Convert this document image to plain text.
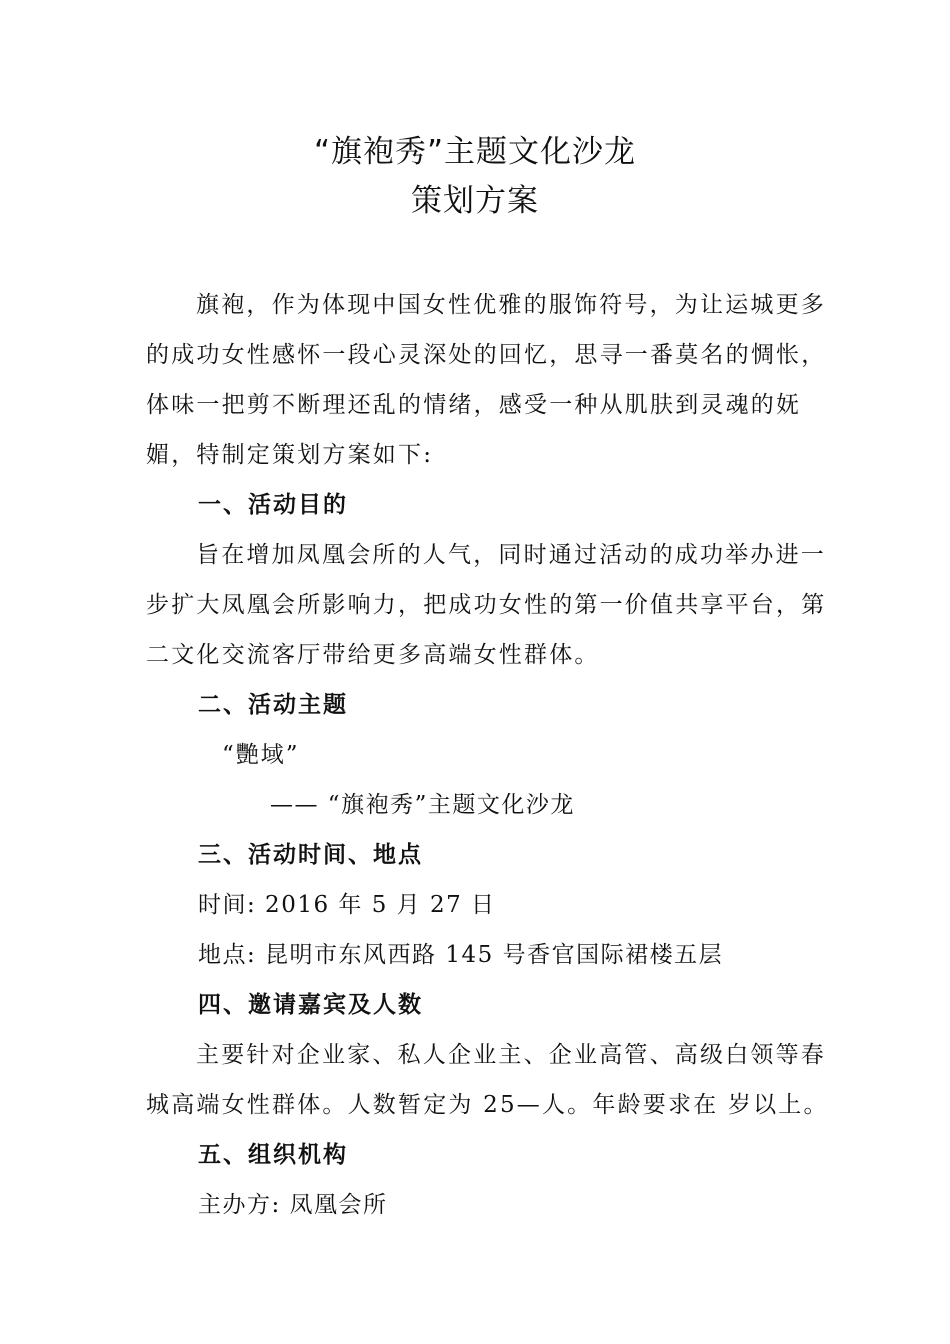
“旗袍秀”主题文化沙龙
策划方案

旗袍，作为体现中国女性优雅的服饰符号，为让运城更多的成功女性感怀一段心灵深处的回忆，思寻一番莫名的惆怅，体味一把剪不断理还乱的情绪，感受一种从肌肤到灵魂的妩媚，特制定策划方案如下:

一、活动目的

旨在增加凤凰会所的人气，同时通过活动的成功举办进一步扩大凤凰会所影响力，把成功女性的第一价值共享平台，第二文化交流客厅带给更多高端女性群体。

二、活动主题

“艷域”

—— “旗袍秀”主题文化沙龙

三、活动时间、地点

时间: 2016 年 5 月 27 日

地点: 昆明市东风西路 145 号香官国际裙楼五层

四、邀请嘉宾及人数

主要针对企业家、私人企业主、企业高管、高级白领等春城高端女性群体。人数暂定为 25—人。年龄要求在 岁以上。

五、组织机构

主办方: 凤凰会所
